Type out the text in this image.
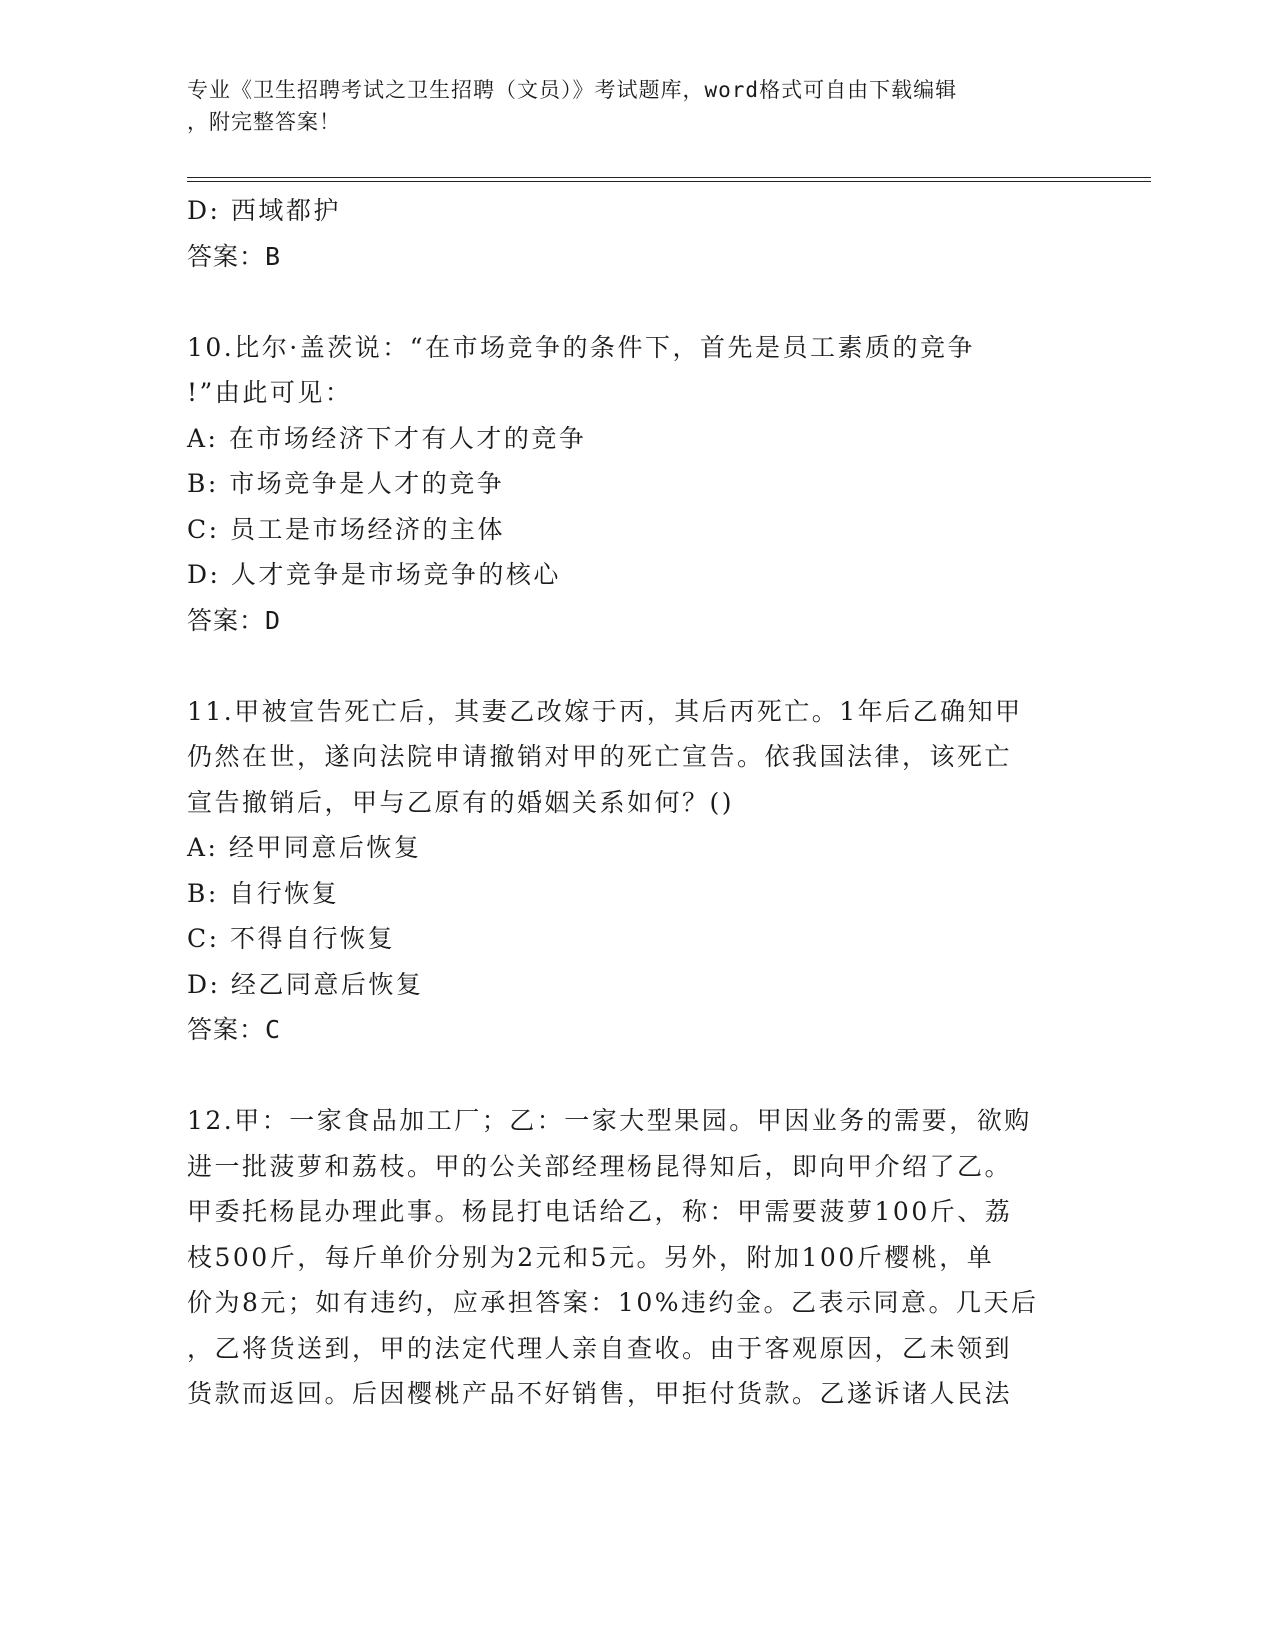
专业《卫生招聘考试之卫生招聘（文员）》考试题库，word格式可自由下载编辑
，附完整答案！
D: 西域都护
答案：B
10.比尔·盖茨说：“在市场竞争的条件下，首先是员工素质的竞争
!”由此可见：
A: 在市场经济下才有人才的竞争
B: 市场竞争是人才的竞争
C: 员工是市场经济的主体
D: 人才竞争是市场竞争的核心
答案：D
11.甲被宣告死亡后，其妻乙改嫁于丙，其后丙死亡。1年后乙确知甲
仍然在世，遂向法院申请撤销对甲的死亡宣告。依我国法律，该死亡
宣告撤销后，甲与乙原有的婚姻关系如何？()
A: 经甲同意后恢复
B: 自行恢复
C: 不得自行恢复
D: 经乙同意后恢复
答案：C
12.甲：一家食品加工厂；乙：一家大型果园。甲因业务的需要，欲购
进一批菠萝和荔枝。甲的公关部经理杨昆得知后，即向甲介绍了乙。
甲委托杨昆办理此事。杨昆打电话给乙，称：甲需要菠萝100斤、荔
枝500斤，每斤单价分别为2元和5元。另外，附加100斤樱桃，单
价为8元；如有违约，应承担答案：10%违约金。乙表示同意。几天后
，乙将货送到，甲的法定代理人亲自查收。由于客观原因，乙未领到
货款而返回。后因樱桃产品不好销售，甲拒付货款。乙遂诉诸人民法
